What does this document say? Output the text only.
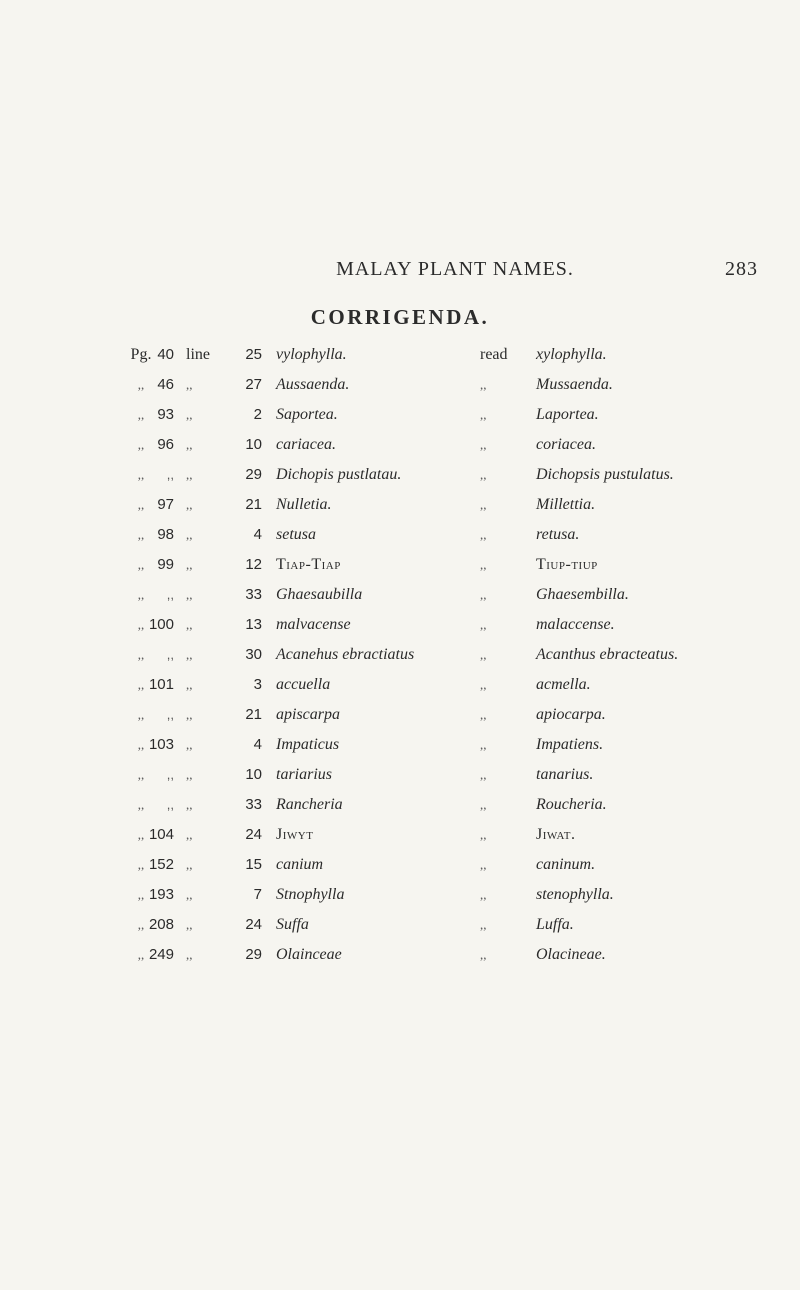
MALAY PLANT NAMES.	283
CORRIGENDA.
Pg. 40 line	25 vylophylla.	read	xylophylla.
,, 46 ,,	27 Aussaenda.	,,	Mussaenda.
,, 93 ,,	2 Saportea.	,,	Laportea.
,, 96 ,,	10 cariacea.	,,	coriacea.
,,	,, ,,	29 Dichopis pustlatau.	,,	Dichopsis pustulatus.
,, 97 ,,	21 Nulletia.	,,	Millettia.
,, 98 ,,	4 setusa	,,	retusa.
,, 99 ,,	12 Tiap-Tiap	,,	Tiup-tiup
,,	,, ,,	33 Ghaesaubilla	,,	Ghaesembilla.
,, 100 ,,	13 malvacense	,,	malaccense.
,,	,, ,,	30 Acanehus ebractiatus	,,	Acanthus ebracteatus.
,, 101 ,,	3 accuella	,,	acmella.
,,	,, ,,	21 apiscarpa	,,	apiocarpa.
,, 103 ,,	4 Impaticus	,,	Impatiens.
,,	,, ,,	10 tariarius	,,	tanarius.
,,	,, ,,	33 Rancheria	,,	Roucheria.
,, 104 ,,	24 Jiwyt	,,	Jiwat.
,, 152 ,,	15 canium	,,	caninum.
,, 193 ,,	7 Stnophylla	,,	stenophylla.
,, 208 ,,	24 Suffa	,,	Luffa.
,, 249 ,,	29 Olainceae	,,	Olacineae.
